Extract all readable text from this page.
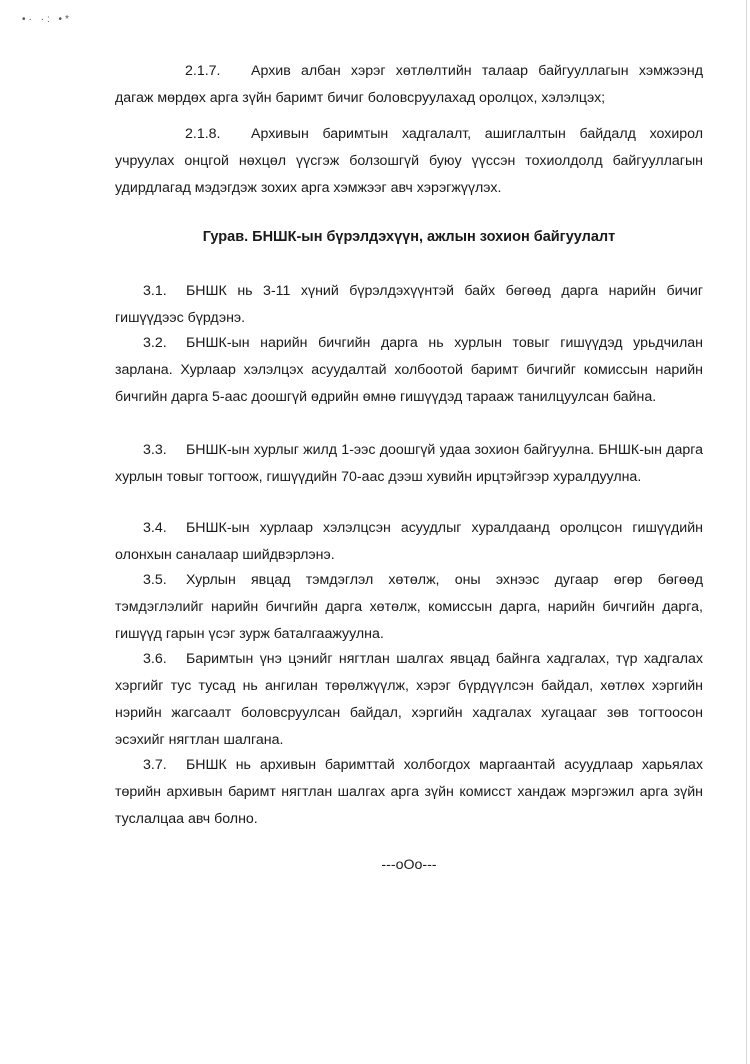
•· ·: •*

2.1.7. Архив албан хэрэг хөтлөлтийн талаар байгууллагын хэмжээнд дагаж мөрдөх арга зүйн баримт бичиг боловсруулахад оролцох, хэлэлцэх;

2.1.8. Архивын баримтын хадгалалт, ашиглалтын байдалд хохирол учруулах онцгой нөхцөл үүсгэж болзошгүй буюу үүссэн тохиолдолд байгууллагын удирдлагад мэдэгдэж зохих арга хэмжээг авч хэрэгжүүлэх.

Гурав. БНШК-ын бүрэлдэхүүн, ажлын зохион байгуулалт

3.1. БНШК нь 3-11 хүний бүрэлдэхүүнтэй байх бөгөөд дарга нарийн бичиг гишүүдээс бүрдэнэ.

3.2. БНШК-ын нарийн бичгийн дарга нь хурлын товыг гишүүдэд урьдчилан зарлана. Хурлаар хэлэлцэх асуудалтай холбоотой баримт бичгийг комиссын нарийн бичгийн дарга 5-аас доошгүй өдрийн өмнө гишүүдэд тарааж танилцуулсан байна.

3.3. БНШК-ын хурлыг жилд 1-ээс доошгүй удаа зохион байгуулна. БНШК-ын дарга хурлын товыг тогтоож, гишүүдийн 70-аас дээш хувийн ирцтэйгээр хуралдуулна.

3.4. БНШК-ын хурлаар хэлэлцсэн асуудлыг хуралдаанд оролцсон гишүүдийн олонхын саналаар шийдвэрлэнэ.

3.5. Хурлын явцад тэмдэглэл хөтөлж, оны эхнээс дугаар өгөр бөгөөд тэмдэглэлийг нарийн бичгийн дарга хөтөлж, комиссын дарга, нарийн бичгийн дарга, гишүүд гарын үсэг зурж баталгаажуулна.

3.6. Баримтын үнэ цэнийг нягтлан шалгах явцад байнга хадгалах, түр хадгалах хэргийг тус тусад нь ангилан төрөлжүүлж, хэрэг бүрдүүлсэн байдал, хөтлөх хэргийн нэрийн жагсаалт боловсруулсан байдал, хэргийн хадгалах хугацааг зөв тогтоосон эсэхийг нягтлан шалгана.

3.7. БНШК нь архивын баримттай холбогдох маргаантай асуудлаар харьялах төрийн архивын баримт нягтлан шалгах арга зүйн комисст хандаж мэргэжил арга зүйн туслалцаа авч болно.

---оОо---
